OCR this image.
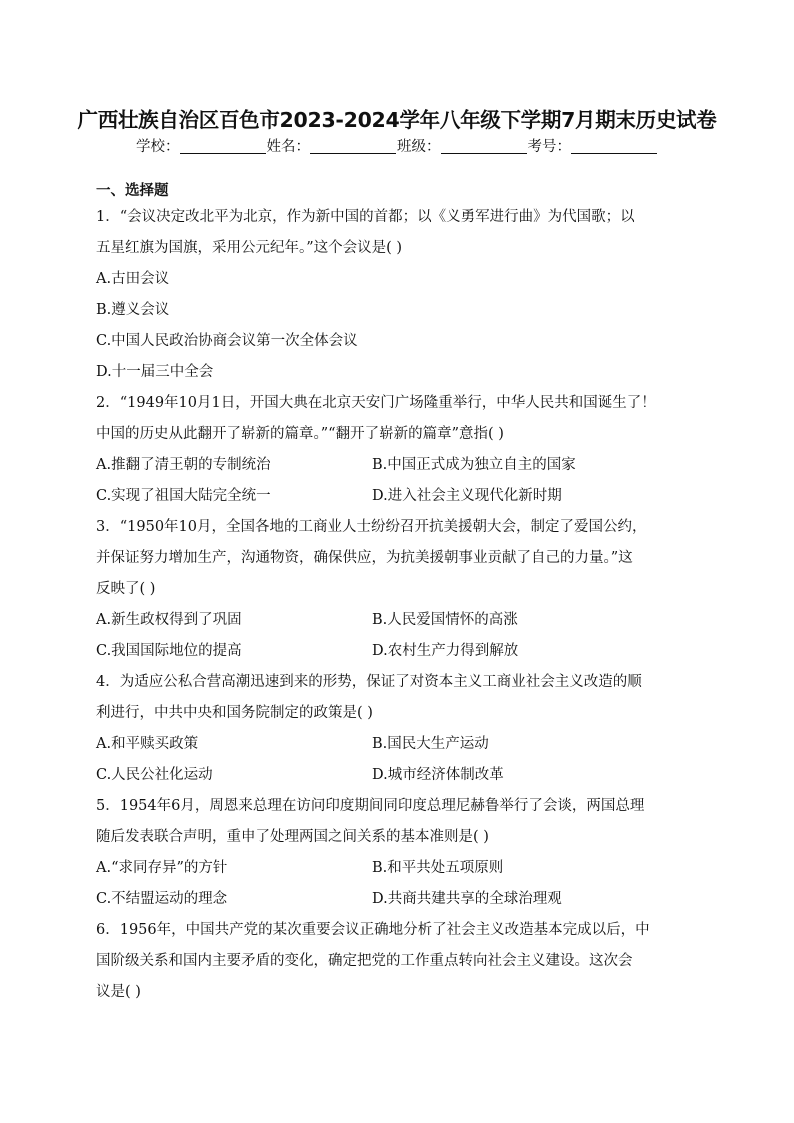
广西壮族自治区百色市2023-2024学年八年级下学期7月期末历史试卷
学校：	姓名：	班级：	考号：
一、选择题
1．“会议决定改北平为北京，作为新中国的首都；以《义勇军进行曲》为代国歌；以
五星红旗为国旗，采用公元纪年。”这个会议是( )
A.古田会议
B.遵义会议
C.中国人民政治协商会议第一次全体会议
D.十一届三中全会
2．“1949年10月1日，开国大典在北京天安门广场隆重举行，中华人民共和国诞生了！
中国的历史从此翻开了崭新的篇章。”“翻开了崭新的篇章”意指( )
A.推翻了清王朝的专制统治	B.中国正式成为独立自主的国家
C.实现了祖国大陆完全统一	D.进入社会主义现代化新时期
3．“1950年10月，全国各地的工商业人士纷纷召开抗美援朝大会，制定了爱国公约，
并保证努力增加生产，沟通物资，确保供应，为抗美援朝事业贡献了自己的力量。”这
反映了( )
A.新生政权得到了巩固	B.人民爱国情怀的高涨
C.我国国际地位的提高	D.农村生产力得到解放
4．为适应公私合营高潮迅速到来的形势，保证了对资本主义工商业社会主义改造的顺
利进行，中共中央和国务院制定的政策是( )
A.和平赎买政策	B.国民大生产运动
C.人民公社化运动	D.城市经济体制改革
5．1954年6月，周恩来总理在访问印度期间同印度总理尼赫鲁举行了会谈，两国总理
随后发表联合声明，重申了处理两国之间关系的基本准则是( )
A.“求同存异”的方针	B.和平共处五项原则
C.不结盟运动的理念	D.共商共建共享的全球治理观
6．1956年，中国共产党的某次重要会议正确地分析了社会主义改造基本完成以后，中
国阶级关系和国内主要矛盾的变化，确定把党的工作重点转向社会主义建设。这次会
议是( )
